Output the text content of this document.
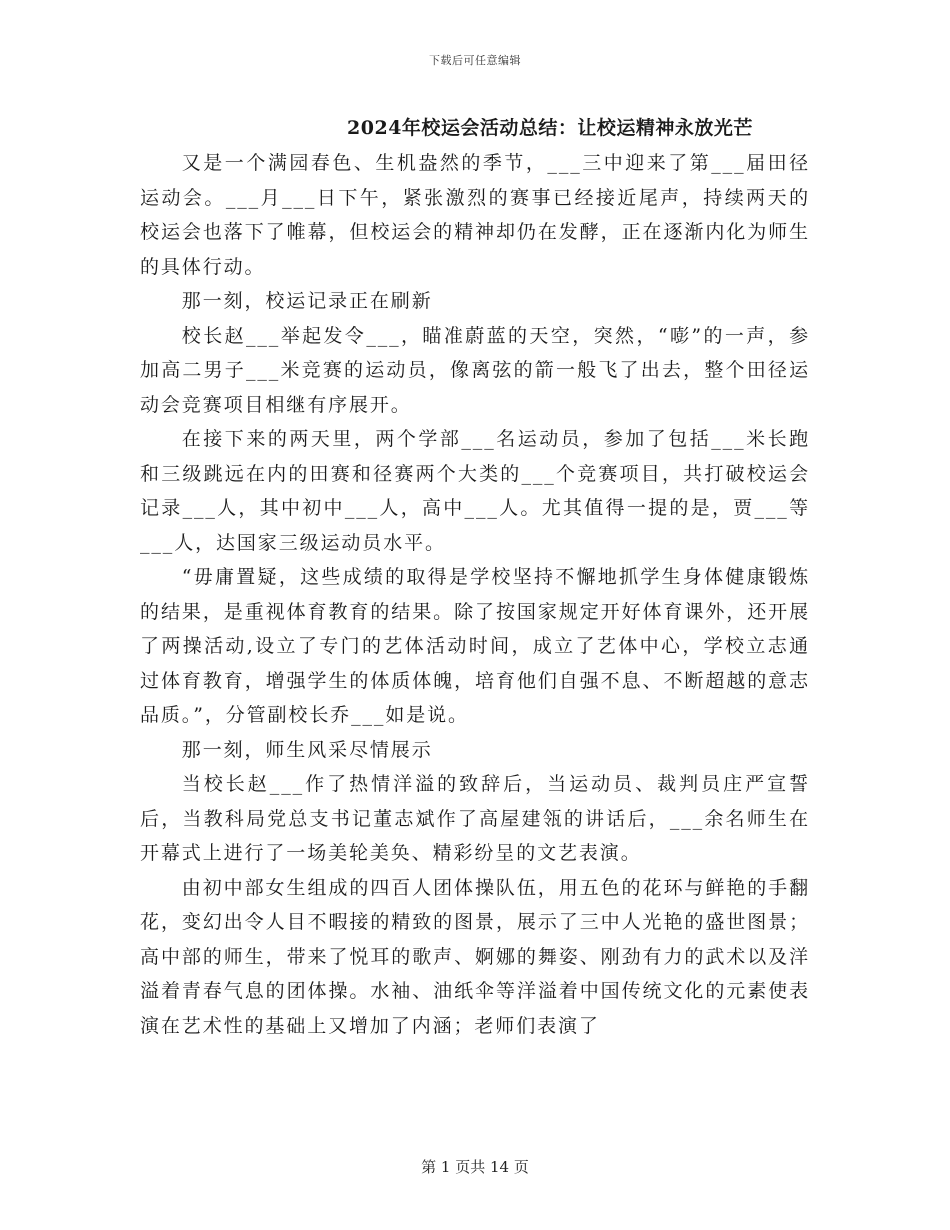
下载后可任意编辑
2024年校运会活动总结：让校运精神永放光芒

又是一个满园春色、生机盎然的季节，___三中迎来了第___届田径运动会。___月___日下午，紧张激烈的赛事已经接近尾声，持续两天的校运会也落下了帷幕，但校运会的精神却仍在发酵，正在逐渐内化为师生的具体行动。

那一刻，校运记录正在刷新

校长赵___举起发令___，瞄准蔚蓝的天空，突然，“嘭”的一声，参加高二男子___米竞赛的运动员，像离弦的箭一般飞了出去，整个田径运动会竞赛项目相继有序展开。

在接下来的两天里，两个学部___名运动员，参加了包括___米长跑和三级跳远在内的田赛和径赛两个大类的___个竞赛项目，共打破校运会记录___人，其中初中___人，高中___人。尤其值得一提的是，贾___等___人，达国家三级运动员水平。

“毋庸置疑，这些成绩的取得是学校坚持不懈地抓学生身体健康锻炼的结果，是重视体育教育的结果。除了按国家规定开好体育课外，还开展了两操活动,设立了专门的艺体活动时间，成立了艺体中心，学校立志通过体育教育，增强学生的体质体魄，培育他们自强不息、不断超越的意志品质。”，分管副校长乔___如是说。

那一刻，师生风采尽情展示

当校长赵___作了热情洋溢的致辞后，当运动员、裁判员庄严宣誓后，当教科局党总支书记董志斌作了高屋建瓴的讲话后，___余名师生在开幕式上进行了一场美轮美奂、精彩纷呈的文艺表演。

由初中部女生组成的四百人团体操队伍，用五色的花环与鲜艳的手翻花，变幻出令人目不暇接的精致的图景，展示了三中人光艳的盛世图景；高中部的师生，带来了悦耳的歌声、婀娜的舞姿、刚劲有力的武术以及洋溢着青春气息的团体操。水袖、油纸伞等洋溢着中国传统文化的元素使表演在艺术性的基础上又增加了内涵；老师们表演了

第 1 页共 14 页
